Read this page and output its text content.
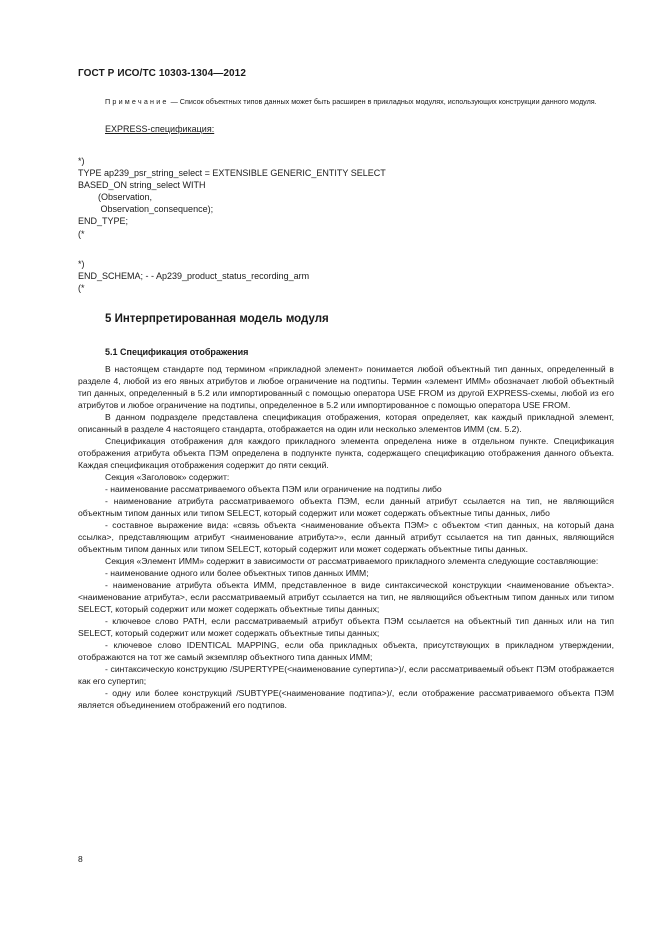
ГОСТ Р ИСО/ТС 10303-1304—2012
Примечание — Список объектных типов данных может быть расширен в прикладных модулях, использующих конструкции данного модуля.
EXPRESS-спецификация:
*)
TYPE ap239_psr_string_select = EXTENSIBLE GENERIC_ENTITY SELECT
BASED_ON string_select WITH
(Observation,
Observation_consequence);
END_TYPE;
(*
*)
END_SCHEMA; - - Ap239_product_status_recording_arm
(*
5 Интерпретированная модель модуля
5.1 Спецификация отображения

В настоящем стандарте под термином «прикладной элемент» понимается любой объектный тип данных, определенный в разделе 4, любой из его явных атрибутов и любое ограничение на подтипы. Термин «элемент ИММ» обозначает любой объектный тип данных, определенный в 5.2 или импортированный с помощью оператора USE FROM из другой EXPRESS-схемы, любой из его атрибутов и любое ограничение на подтипы, определенное в 5.2 или импортированное с помощью оператора USE FROM.

В данном подразделе представлена спецификация отображения, которая определяет, как каждый прикладной элемент, описанный в разделе 4 настоящего стандарта, отображается на один или несколько элементов ИММ (см. 5.2).

Спецификация отображения для каждого прикладного элемента определена ниже в отдельном пункте. Спецификация отображения атрибута объекта ПЭМ определена в подпункте пункта, содержащего спецификацию отображения данного объекта. Каждая спецификация отображения содержит до пяти секций.

Секция «Заголовок» содержит:

- наименование рассматриваемого объекта ПЭМ или ограничение на подтипы либо

- наименование атрибута рассматриваемого объекта ПЭМ, если данный атрибут ссылается на тип, не являющийся объектным типом данных или типом SELECT, который содержит или может содержать объектные типы данных, либо

- составное выражение вида: «связь объекта <наименование объекта ПЭМ> с объектом <тип данных, на который дана ссылка>, представляющим атрибут <наименование атрибута>», если данный атрибут ссылается на тип данных, являющийся объектным типом данных или типом SELECT, который содержит или может содержать объектные типы данных.

Секция «Элемент ИММ» содержит в зависимости от рассматриваемого прикладного элемента следующие составляющие:

- наименование одного или более объектных типов данных ИММ;

- наименование атрибута объекта ИММ, представленное в виде синтаксической конструкции <наименование объекта>.<наименование атрибута>, если рассматриваемый атрибут ссылается на тип, не являющийся объектным типом данных или типом SELECT, который содержит или может содержать объектные типы данных;

- ключевое слово PATH, если рассматриваемый атрибут объекта ПЭМ ссылается на объектный тип данных или на тип SELECT, который содержит или может содержать объектные типы данных;

- ключевое слово IDENTICAL MAPPING, если оба прикладных объекта, присутствующих в прикладном утверждении, отображаются на тот же самый экземпляр объектного типа данных ИММ;

- синтаксическую конструкцию /SUPERTYPE(<наименование супертипа>)/, если рассматриваемый объект ПЭМ отображается как его супертип;

- одну или более конструкций /SUBTYPE(<наименование подтипа>)/, если отображение рассматриваемого объекта ПЭМ является объединением отображений его подтипов.

8
